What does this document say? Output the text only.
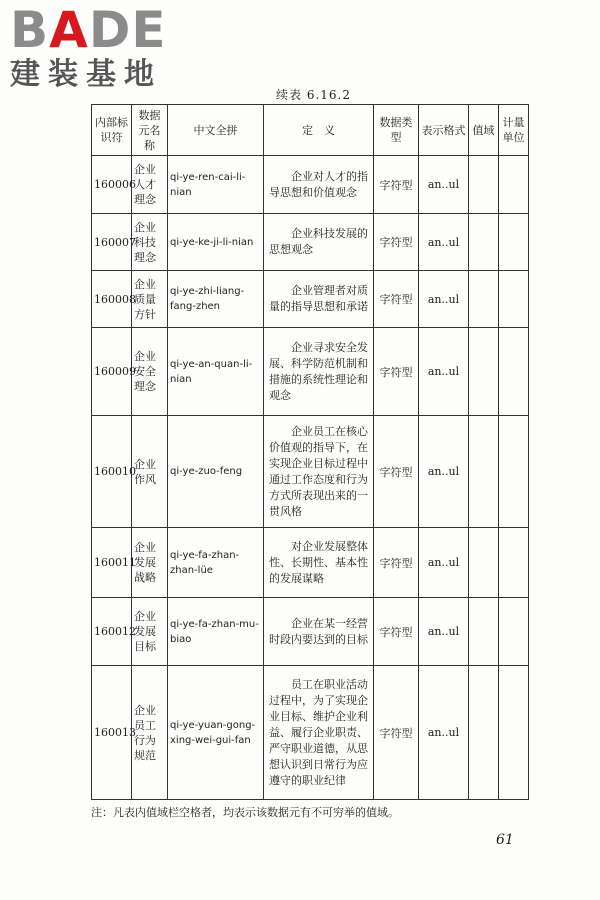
BADE
建装基地
续表 6.16.2
内部标识符	数据元名称	中文全拼	定　义	数据类型	表示格式	值域	计量单位
160006	企业人才理念	qi-ye-ren-cai-li-nian	企业对人才的指导思想和价值观念	字符型	an..ul		
160007	企业科技理念	qi-ye-ke-ji-li-nian	企业科技发展的思想观念	字符型	an..ul		
160008	企业质量方针	qi-ye-zhi-liang-fang-zhen	企业管理者对质量的指导思想和承诺	字符型	an..ul		
160009	企业安全理念	qi-ye-an-quan-li-nian	企业寻求安全发展、科学防范机制和措施的系统性理论和观念	字符型	an..ul		
160010	企业作风	qi-ye-zuo-feng	企业员工在核心价值观的指导下，在实现企业目标过程中通过工作态度和行为方式所表现出来的一贯风格	字符型	an..ul		
160011	企业发展战略	qi-ye-fa-zhan-zhan-lüe	对企业发展整体性、长期性、基本性的发展谋略	字符型	an..ul		
160012	企业发展目标	qi-ye-fa-zhan-mu-biao	企业在某一经营时段内要达到的目标	字符型	an..ul		
160013	企业员工行为规范	qi-ye-yuan-gong-xing-wei-gui-fan	员工在职业活动过程中，为了实现企业目标、维护企业利益、履行企业职责、严守职业道德，从思想认识到日常行为应遵守的职业纪律	字符型	an..ul		
注：凡表内值域栏空格者，均表示该数据元有不可穷举的值域。
61
